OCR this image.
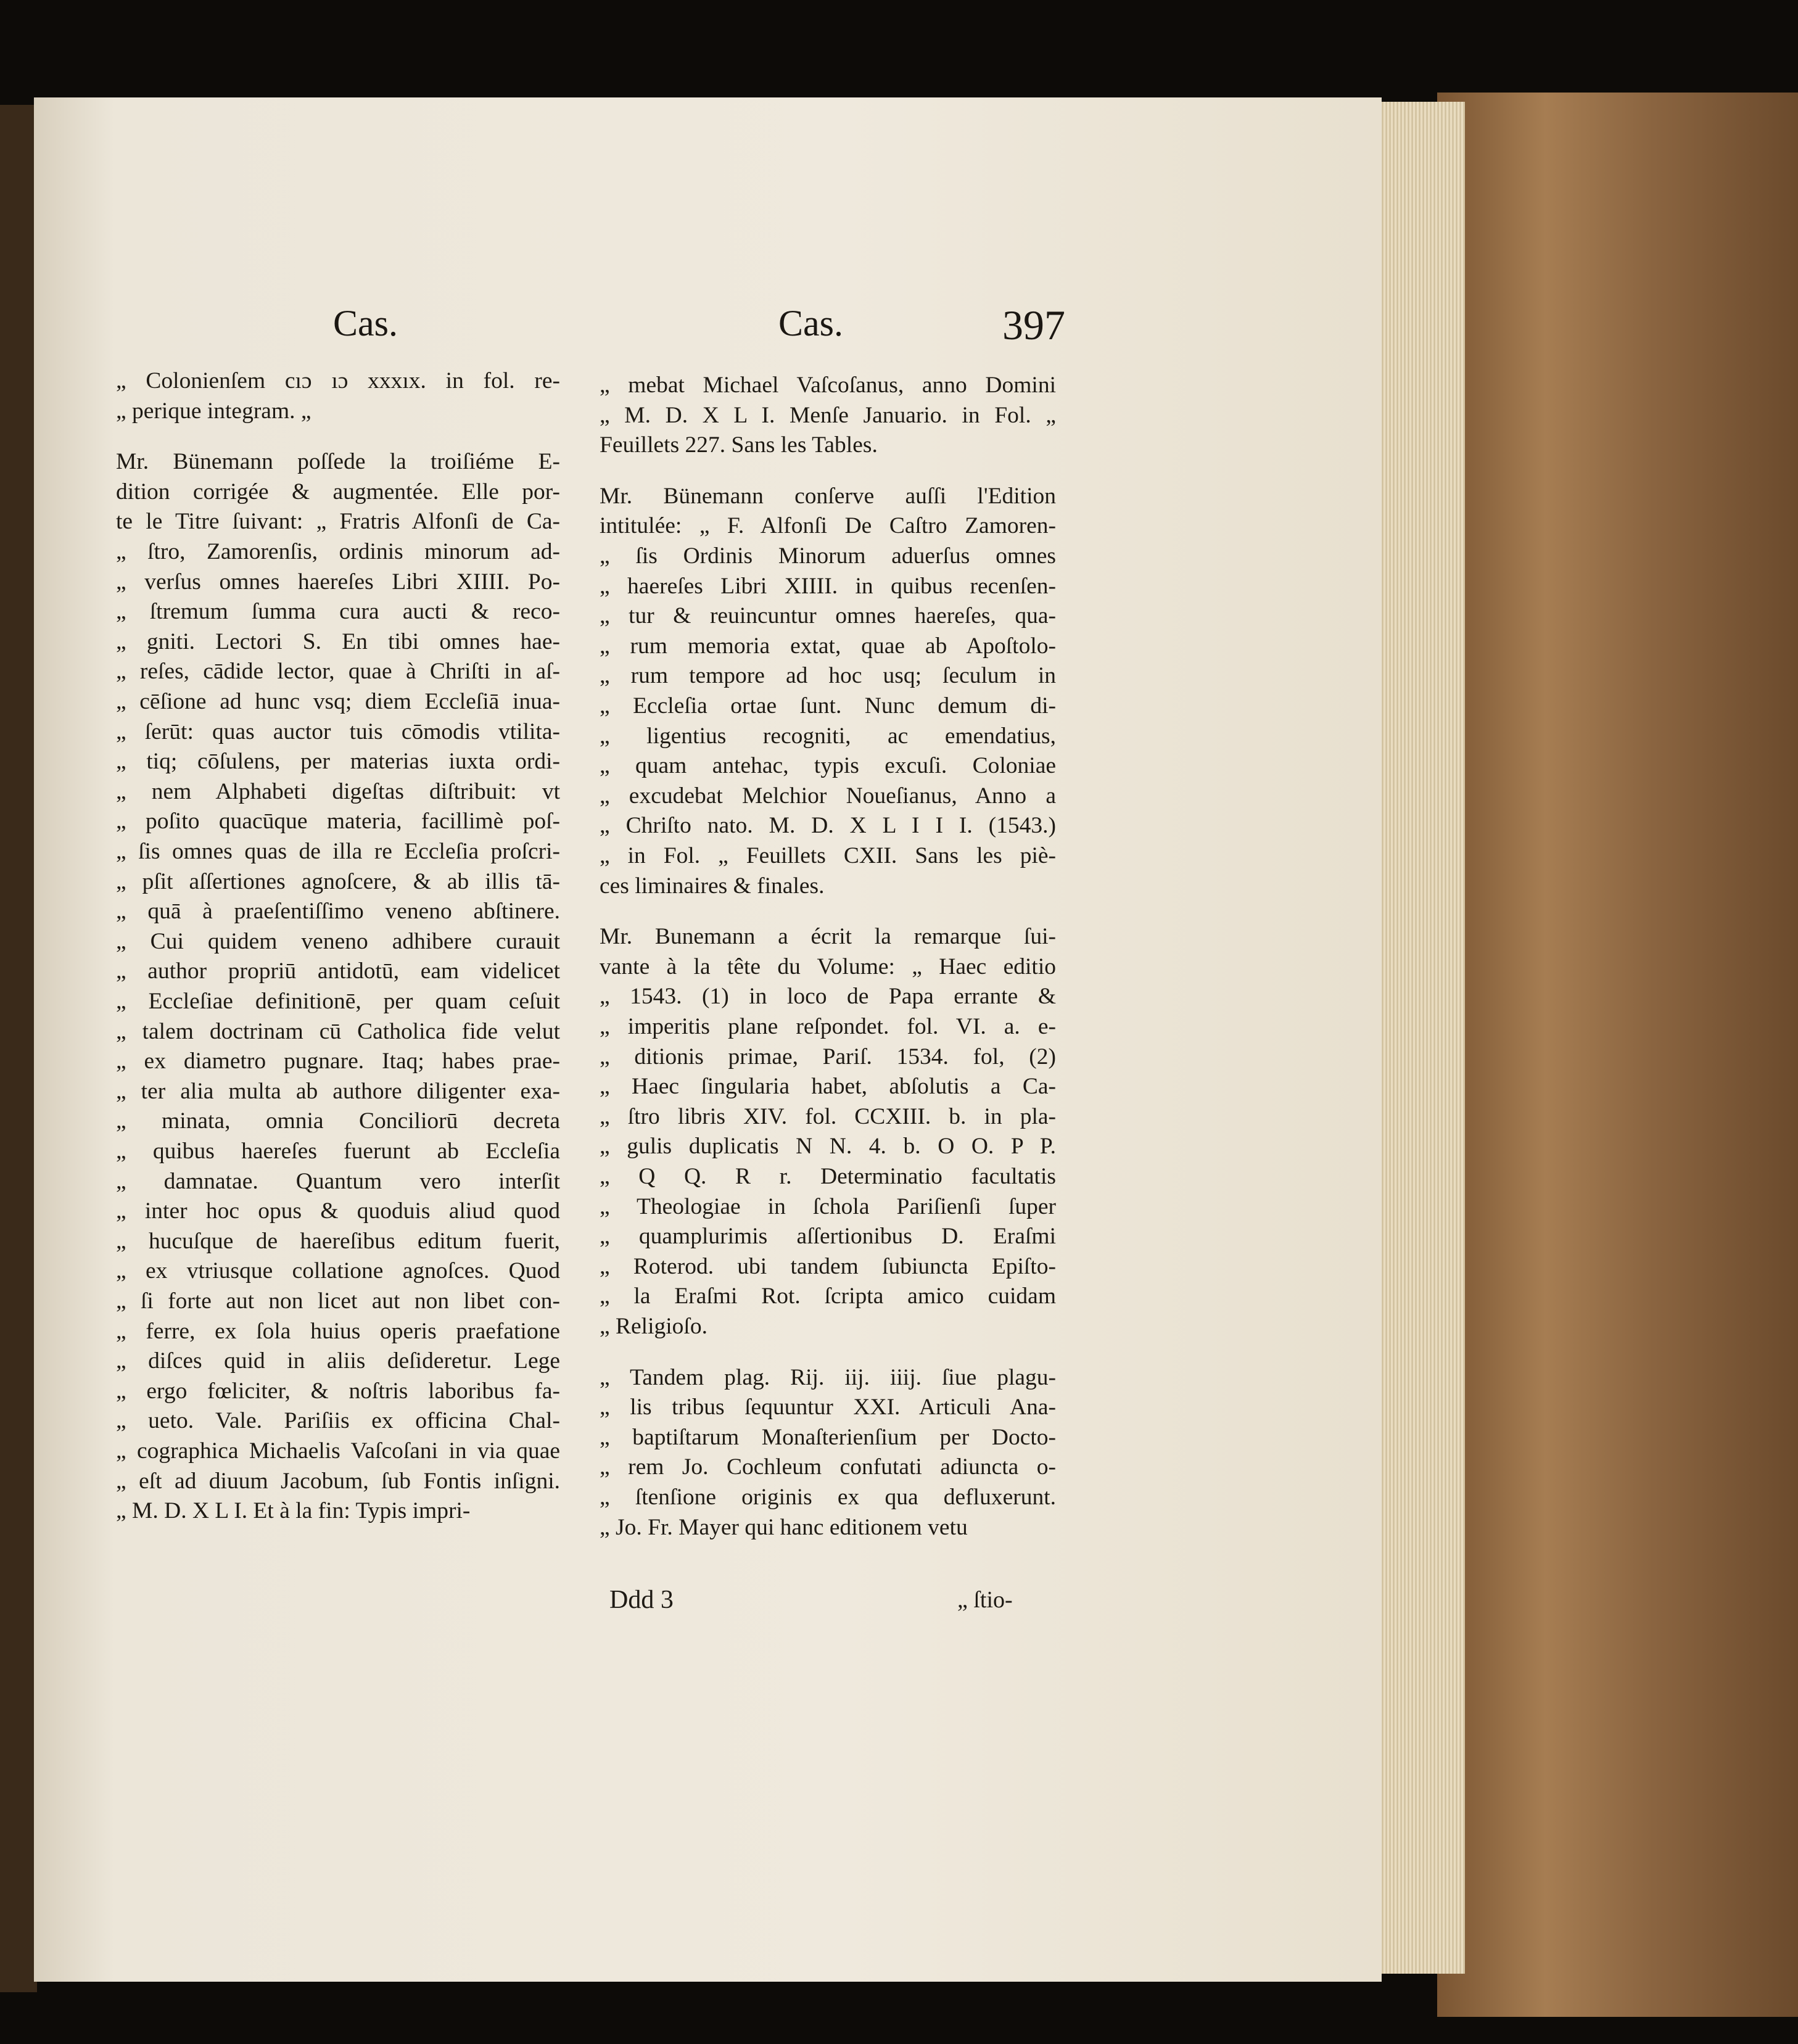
Cas.	Cas.	397
„ Colonienſem cıɔ ıɔ xxxıx. in fol. re-
„ perique integram. „
Mr. Bünemann poſſede la troiſiéme E-
dition corrigée & augmentée. Elle por-
te le Titre ſuivant: „ Fratris Alfonſi de Ca-
„ ſtro, Zamorenſis, ordinis minorum ad-
„ verſus omnes haereſes Libri XIIII. Po-
„ ſtremum ſumma cura aucti & reco-
„ gniti. Lectori S. En tibi omnes hae-
„ reſes, cādide lector, quae à Chriſti in aſ-
„ cēſione ad hunc vsq; diem Eccleſiā inua-
„ ſerūt: quas auctor tuis cōmodis vtilita-
„ tiq; cōſulens, per materias iuxta ordi-
„ nem Alphabeti digeſtas diſtribuit: vt
„ poſito quacūque materia, facillimè poſ-
„ ſis omnes quas de illa re Eccleſia proſcri-
„ pſit aſſertiones agnoſcere, & ab illis tā-
„ quā à praeſentiſſimo veneno abſtinere.
„ Cui quidem veneno adhibere curauit
„ author propriū antidotū, eam videlicet
„ Eccleſiae definitionē, per quam ceſuit
„ talem doctrinam cū Catholica fide velut
„ ex diametro pugnare. Itaq; habes prae-
„ ter alia multa ab authore diligenter exa-
„ minata, omnia Conciliorū decreta
„ quibus haereſes fuerunt ab Eccleſia
„ damnatae. Quantum vero interſit
„ inter hoc opus & quoduis aliud quod
„ hucuſque de haereſibus editum fuerit,
„ ex vtriusque collatione agnoſces. Quod
„ ſi forte aut non licet aut non libet con-
„ ferre, ex ſola huius operis praefatione
„ diſces quid in aliis deſideretur. Lege
„ ergo fœliciter, & noſtris laboribus fa-
„ ueto. Vale. Pariſiis ex officina Chal-
„ cographica Michaelis Vaſcoſani in via quae
„ eſt ad diuum Jacobum, ſub Fontis inſigni.
„ M. D. X L I. Et à la fin: Typis impri-
„ mebat Michael Vaſcoſanus, anno Domini
„ M. D. X L I. Menſe Januario. in Fol. „
Feuillets 227. Sans les Tables.
Mr. Bünemann conſerve auſſi l'Edition
intitulée: „ F. Alfonſi De Caſtro Zamoren-
„ ſis Ordinis Minorum aduerſus omnes
„ haereſes Libri XIIII. in quibus recenſen-
„ tur & reuincuntur omnes haereſes, qua-
„ rum memoria extat, quae ab Apoſtolo-
„ rum tempore ad hoc usq; ſeculum in
„ Eccleſia ortae ſunt. Nunc demum di-
„ ligentius recogniti, ac emendatius,
„ quam antehac, typis excuſi. Coloniae
„ excudebat Melchior Noueſianus, Anno a
„ Chriſto nato. M. D. X L I I I. (1543.)
„ in Fol. „ Feuillets CXII. Sans les piè-
ces liminaires & finales.
Mr. Bunemann a écrit la remarque ſui-
vante à la tête du Volume: „ Haec editio
„ 1543. (1) in loco de Papa errante &
„ imperitis plane reſpondet. fol. VI. a. e-
„ ditionis primae, Pariſ. 1534. fol, (2)
„ Haec ſingularia habet, abſolutis a Ca-
„ ſtro libris XIV. fol. CCXIII. b. in pla-
„ gulis duplicatis N N. 4. b. O O. P P.
„ Q Q. R r. Determinatio facultatis
„ Theologiae in ſchola Pariſienſi ſuper
„ quamplurimis aſſertionibus D. Eraſmi
„ Roterod. ubi tandem ſubiuncta Epiſto-
„ la Eraſmi Rot. ſcripta amico cuidam
„ Religioſo.
„ Tandem plag. Rij. iij. iiij. ſiue plagu-
„ lis tribus ſequuntur XXI. Articuli Ana-
„ baptiſtarum Monaſterienſium per Docto-
„ rem Jo. Cochleum confutati adiuncta o-
„ ſtenſione originis ex qua defluxerunt.
„ Jo. Fr. Mayer qui hanc editionem vetu
Ddd 3	„ ſtio-
